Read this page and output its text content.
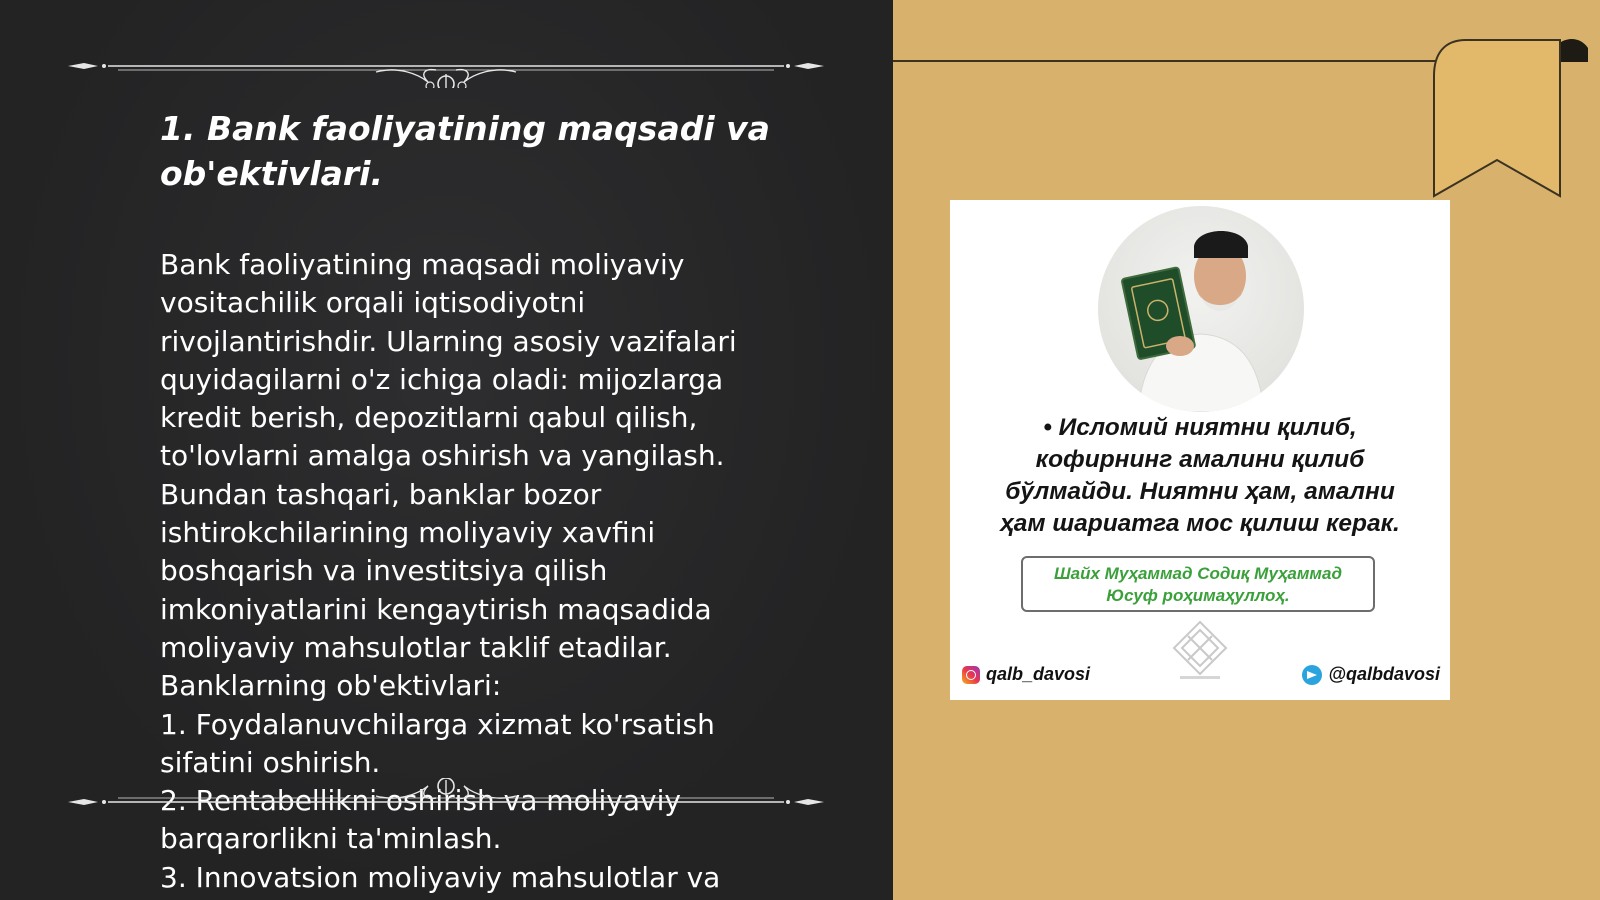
1. Bank faoliyatining maqsadi va ob'ektivlari.
Bank faoliyatining maqsadi moliyaviy
vositachilik orqali iqtisodiyotni
rivojlantirishdir. Ularning asosiy vazifalari
quyidagilarni o'z ichiga oladi: mijozlarga
kredit berish, depozitlarni qabul qilish,
to'lovlarni amalga oshirish va yangilash.
Bundan tashqari, banklar bozor
ishtirokchilarining moliyaviy xavfini
boshqarish va investitsiya qilish
imkoniyatlarini kengaytirish maqsadida
moliyaviy mahsulotlar taklif etadilar.
Banklarning ob'ektivlari:
1. Foydalanuvchilarga xizmat ko'rsatish
sifatini oshirish.
2. Rentabellikni oshirish va moliyaviy
barqarorlikni ta'minlash.
3. Innovatsion moliyaviy mahsulotlar va
• Исломий ниятни қилиб,
кофирнинг амалини қилиб
бўлмайди. Ниятни ҳам, амални
ҳам шариатга мос қилиш керак.
Шайх Муҳаммад Содиқ Муҳаммад
Юсуф роҳимаҳуллоҳ.
qalb_davosi	@qalbdavosi
